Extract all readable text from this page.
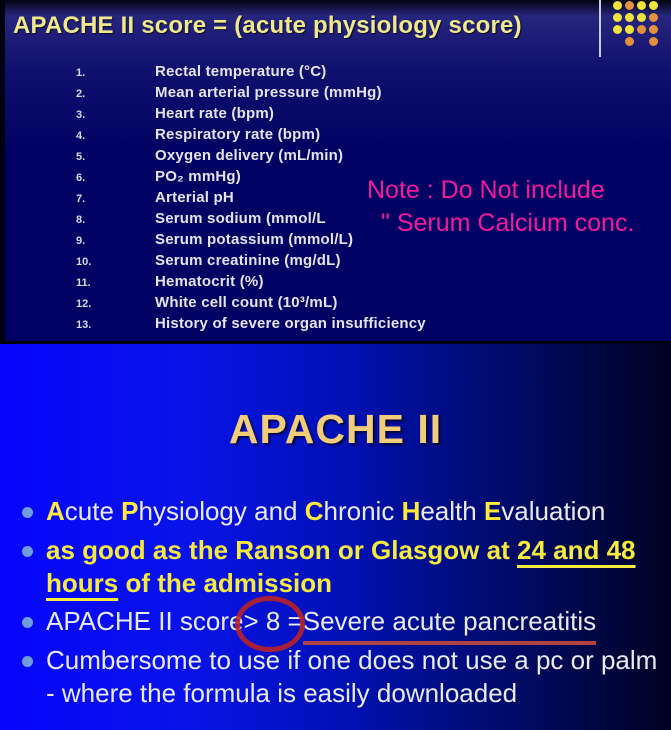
APACHE II score = (acute physiology score)
1.	Rectal temperature (°C)
2.	Mean arterial pressure (mmHg)
3.	Heart rate (bpm)
4.	Respiratory rate (bpm)
5.	Oxygen delivery (mL/min)
6.	PO₂ mmHg)
7.	Arterial pH
8.	Serum sodium (mmol/L
9.	Serum potassium (mmol/L)
10.	Serum creatinine (mg/dL)
11.	Hematocrit (%)
12.	White cell count (10³/mL)
13.	History of severe organ insufficiency
Note : Do Not include
" Serum Calcium conc.
APACHE II
Acute Physiology and Chronic Health Evaluation
as good as the Ranson or Glasgow at 24 and 48 hours of the admission
APACHE II score> 8 =Severe acute pancreatitis
Cumbersome to use if one does not use a pc or palm - where the formula is easily downloaded
